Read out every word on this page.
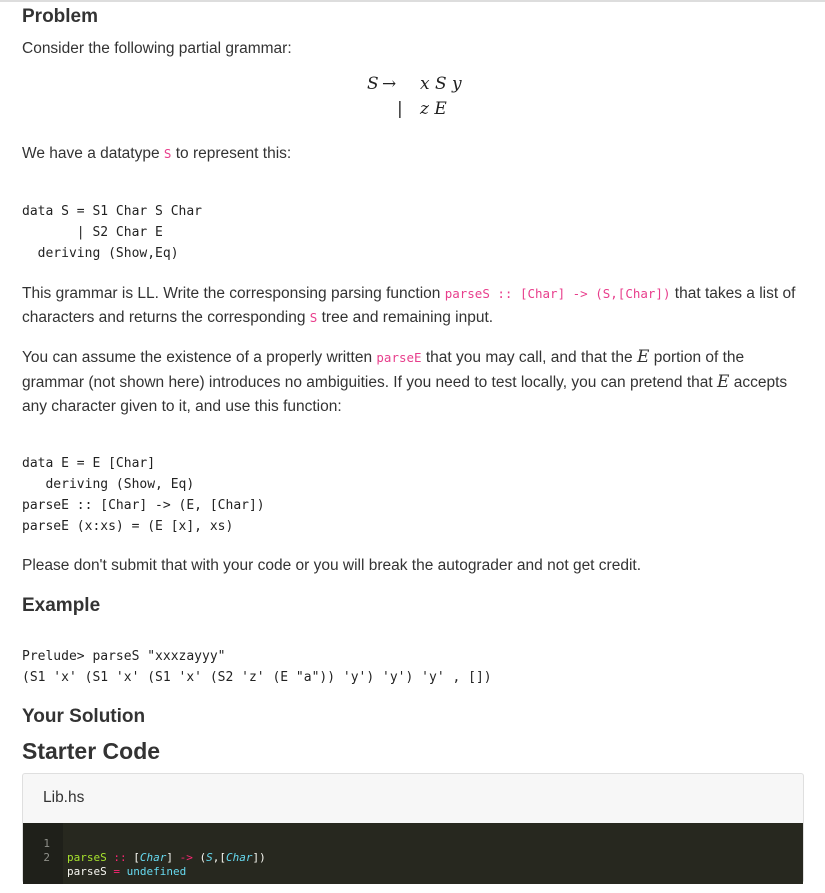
Problem

Consider the following partial grammar:

S → x S y
| z E

We have a datatype S to represent this:

data S = S1 Char S Char
| S2 Char E
deriving (Show,Eq)

This grammar is LL. Write the corresponsing parsing function parseS :: [Char] -> (S,[Char]) that takes a list of characters and returns the corresponding S tree and remaining input.

You can assume the existence of a properly written parseE that you may call, and that the E portion of the grammar (not shown here) introduces no ambiguities. If you need to test locally, you can pretend that E accepts any character given to it, and use this function:

data E = E [Char]
deriving (Show, Eq)
parseE :: [Char] -> (E, [Char])
parseE (x:xs) = (E [x], xs)

Please don't submit that with your code or you will break the autograder and not get credit.

Example
Prelude> parseS "xxxzayyy"
(S1 'x' (S1 'x' (S1 'x' (S2 'z' (E "a")) 'y') 'y') 'y' , [])
Your Solution
Starter Code
Lib.hs

1

parseS :: [Char] -> (S,[Char])

2

parseS = undefined
